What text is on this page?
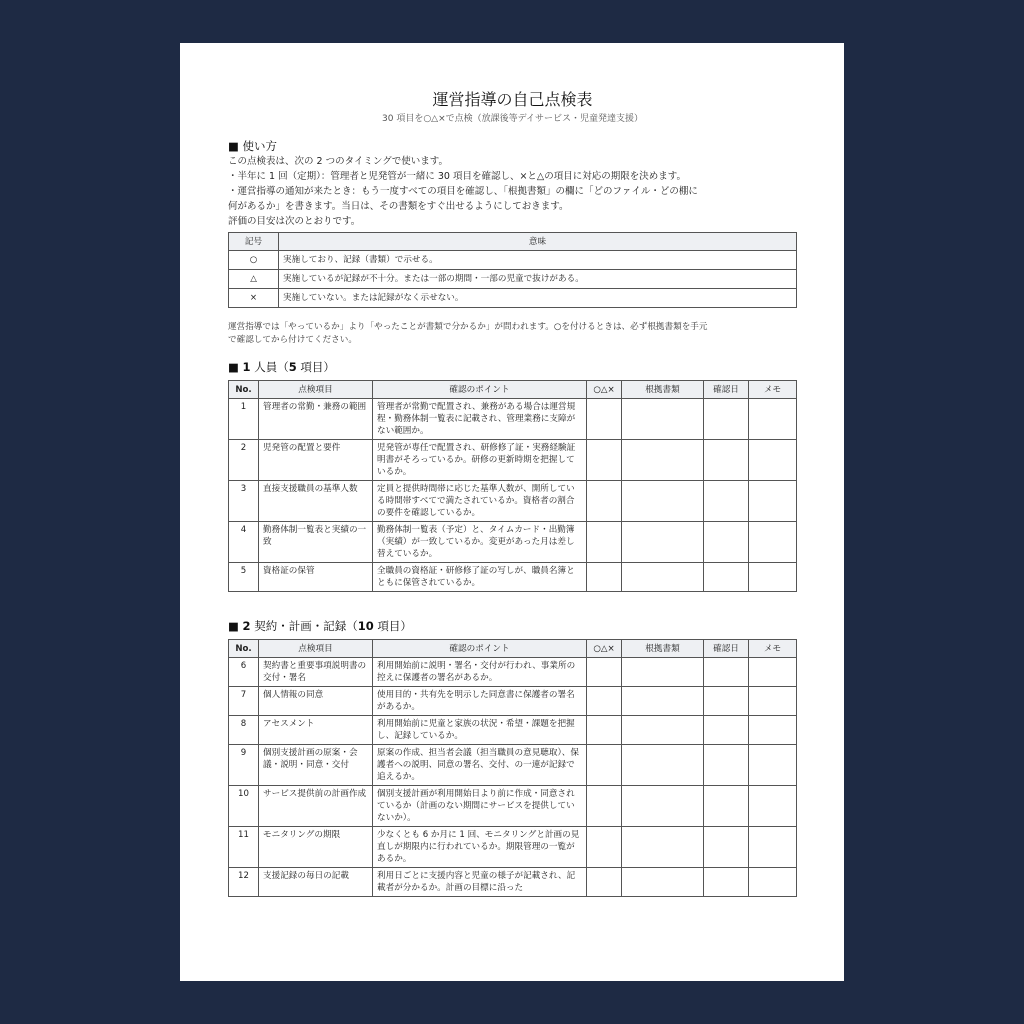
運営指導の自己点検表
30 項目を○△×で点検（放課後等デイサービス・児童発達支援）
■ 使い方

この点検表は、次の 2 つのタイミングで使います。

・半年に 1 回（定期）：管理者と児発管が一緒に 30 項目を確認し、×と△の項目に対応の期限を決めます。

・運営指導の通知が来たとき：もう一度すべての項目を確認し、「根拠書類」の欄に「どのファイル・どの棚に

何があるか」を書きます。当日は、その書類をすぐ出せるようにしておきます。

評価の目安は次のとおりです。

記号	意味
○	実施しており、記録（書類）で示せる。
△	実施しているが記録が不十分。または一部の期間・一部の児童で抜けがある。
×	実施していない。または記録がなく示せない。
運営指導では「やっているか」より「やったことが書類で分かるか」が問われます。○を付けるときは、必ず根拠書類を手元
で確認してから付けてください。
■ 1 人員（5 項目）
No.	点検項目	確認のポイント	○△×	根拠書類	確認日	メモ
1	管理者の常勤・兼務の範囲	管理者が常勤で配置され、兼務がある場合は運営規程・勤務体制一覧表に記載され、管理業務に支障がない範囲か。				
2	児発管の配置と要件	児発管が専任で配置され、研修修了証・実務経験証明書がそろっているか。研修の更新時期を把握しているか。				
3	直接支援職員の基準人数	定員と提供時間帯に応じた基準人数が、開所している時間帯すべてで満たされているか。資格者の割合の要件を確認しているか。				
4	勤務体制一覧表と実績の一致	勤務体制一覧表（予定）と、タイムカード・出勤簿（実績）が一致しているか。変更があった月は差し替えているか。				
5	資格証の保管	全職員の資格証・研修修了証の写しが、職員名簿とともに保管されているか。				
■ 2 契約・計画・記録（10 項目）
No.	点検項目	確認のポイント	○△×	根拠書類	確認日	メモ
6	契約書と重要事項説明書の交付・署名	利用開始前に説明・署名・交付が行われ、事業所の控えに保護者の署名があるか。				
7	個人情報の同意	使用目的・共有先を明示した同意書に保護者の署名があるか。				
8	アセスメント	利用開始前に児童と家族の状況・希望・課題を把握し、記録しているか。				
9	個別支援計画の原案・会議・説明・同意・交付	原案の作成、担当者会議（担当職員の意見聴取）、保護者への説明、同意の署名、交付、の一連が記録で追えるか。				
10	サービス提供前の計画作成	個別支援計画が利用開始日より前に作成・同意されているか（計画のない期間にサービスを提供していないか）。				
11	モニタリングの期限	少なくとも 6 か月に 1 回、モニタリングと計画の見直しが期限内に行われているか。期限管理の一覧があるか。				
12	支援記録の毎日の記載	利用日ごとに支援内容と児童の様子が記載され、記載者が分かるか。計画の目標に沿った				
